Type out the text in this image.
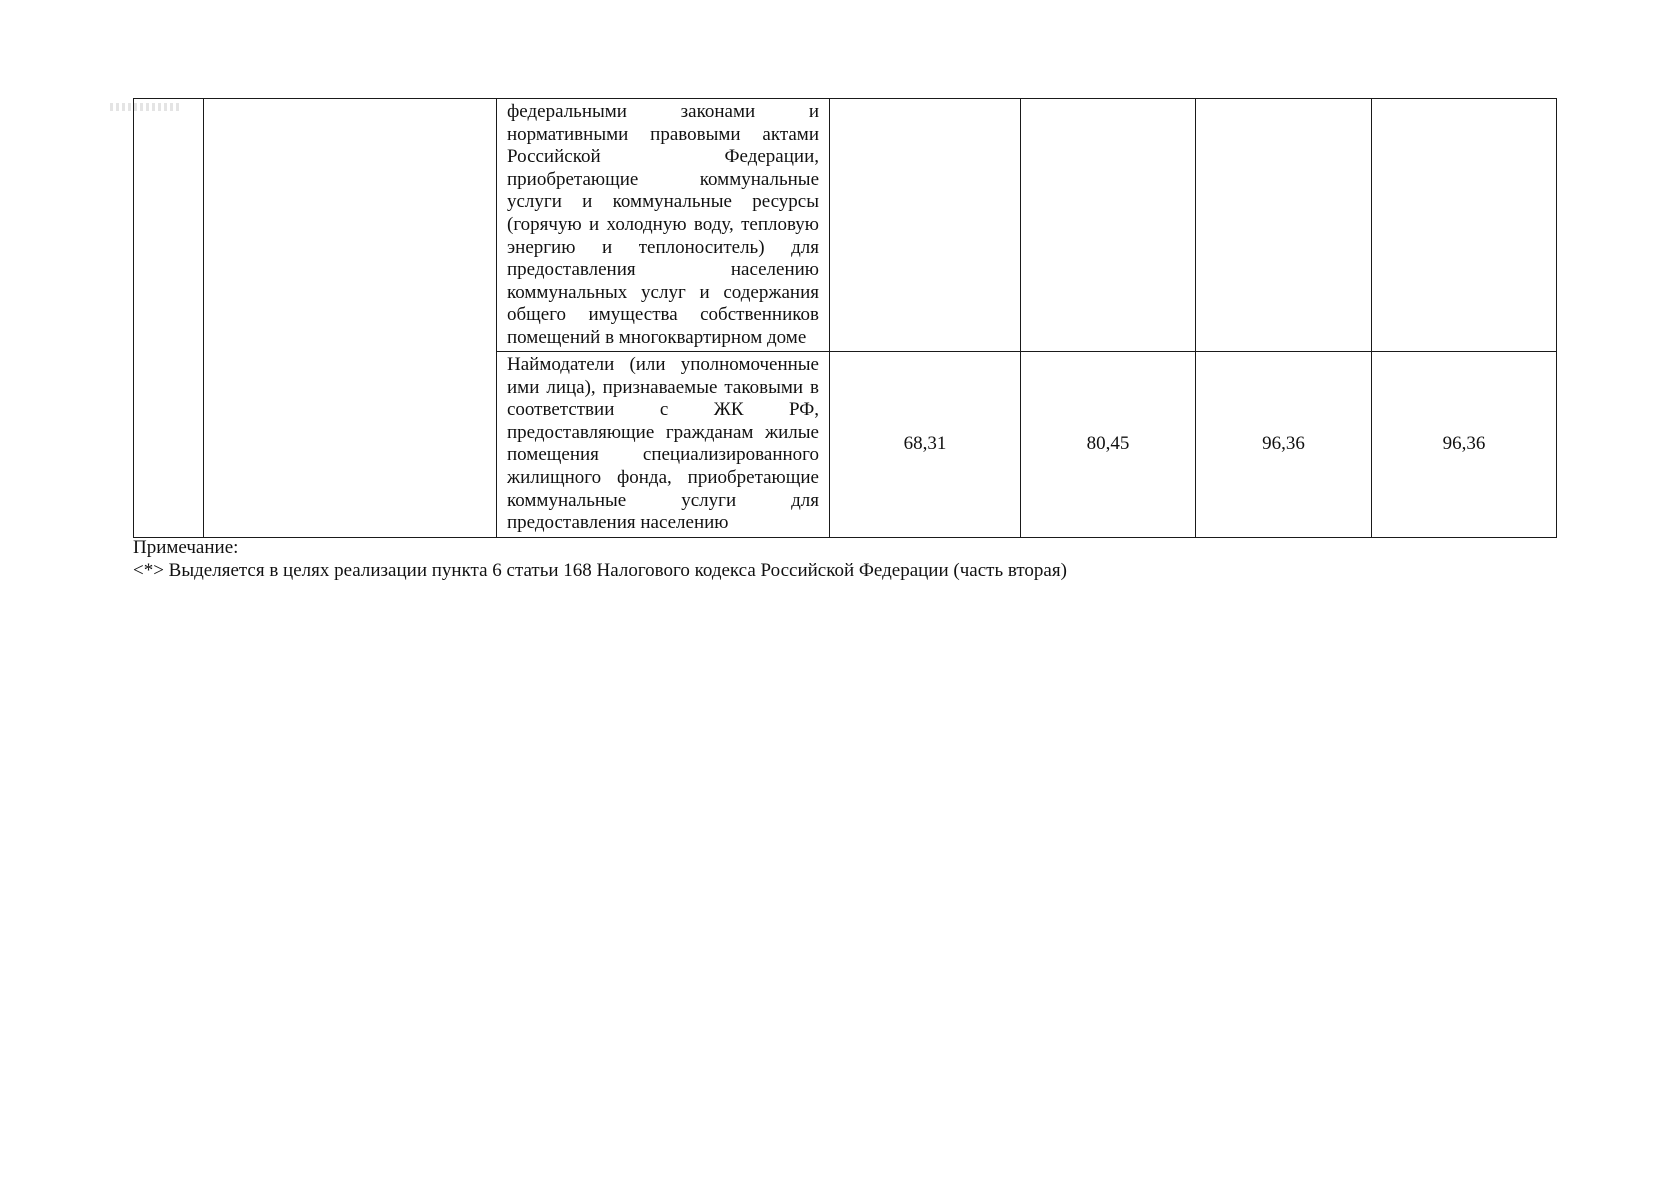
		федеральными законами и нормативными правовыми актами Российской Федерации, приобретающие коммунальные услуги и коммунальные ресурсы (горячую и холодную воду, тепловую энергию и теплоноситель) для предоставления населению коммунальных услуг и содержания общего имущества собственников помещений в многоквартирном доме				
		Наймодатели (или уполномоченные ими лица), признаваемые таковыми в соответствии с ЖК РФ, предоставляющие гражданам жилые помещения специализированного жилищного фонда, приобретающие коммунальные услуги для предоставления населению	68,31	80,45	96,36	96,36
Примечание:
<*> Выделяется в целях реализации пункта 6 статьи 168 Налогового кодекса Российской Федерации (часть вторая)
